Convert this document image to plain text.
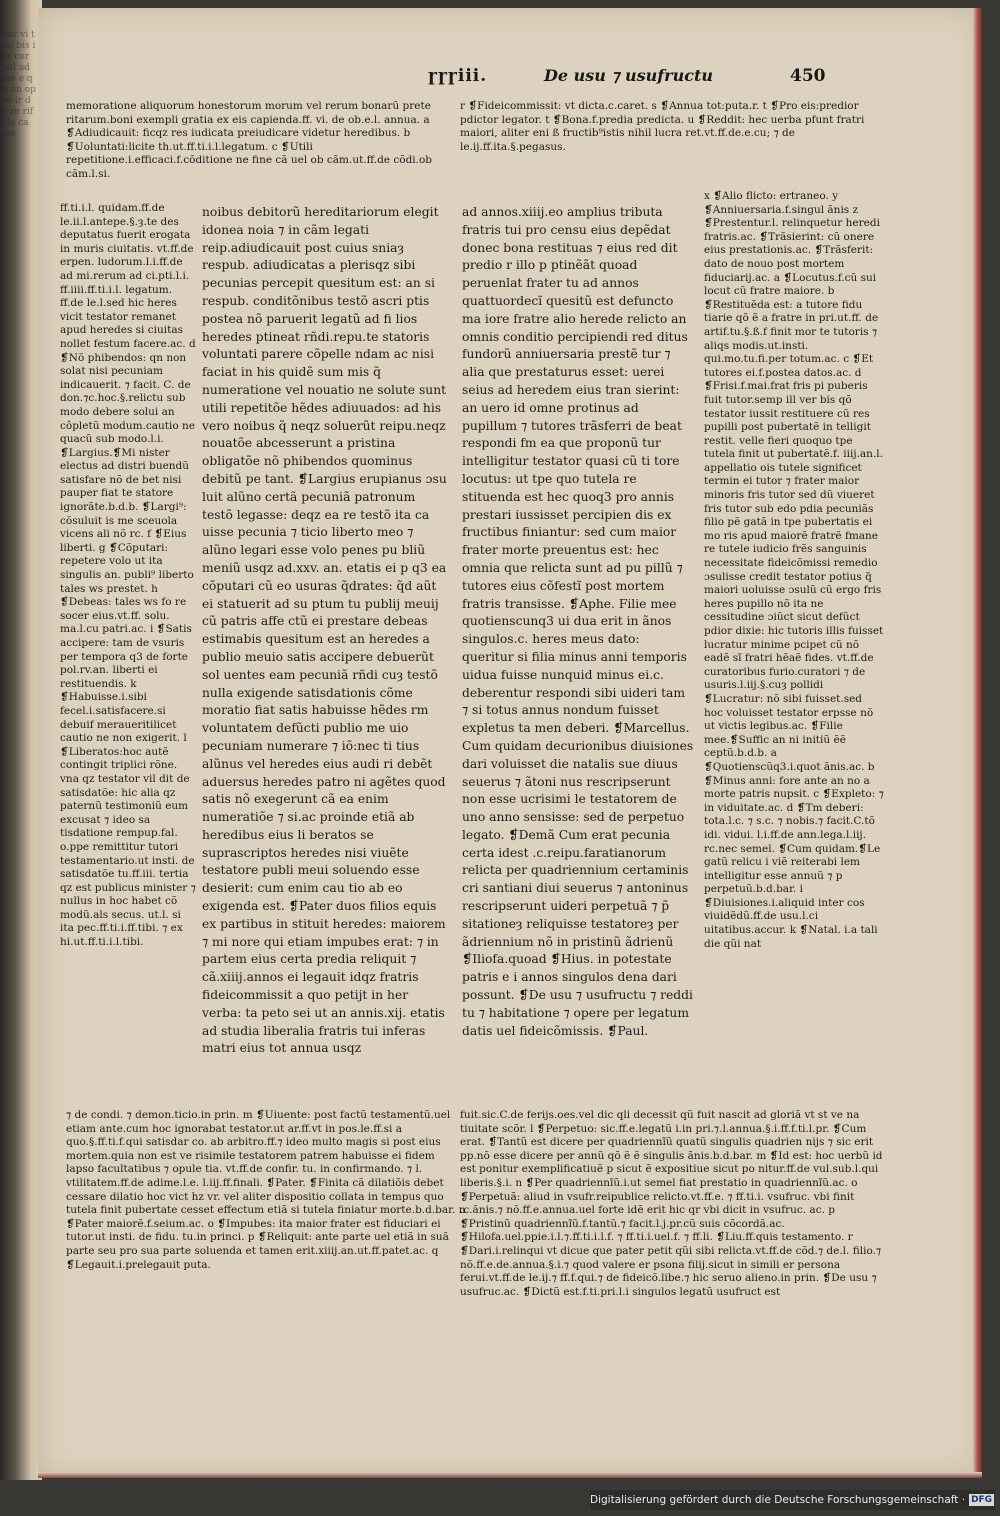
per vi tiui bis ier cer pal ad me e qu on op so ir de re rif cla ca me
ɼɼɼiii.	De usu ⁊ usufructu	450

memoratione aliquorum honestorum morum vel rerum bonarũ prete ritarum.boni exempli gratia ex eis capienda.ff. vi. de ob.e.l. annua. a ❡Adiudicauit: ficqz res iudicata preiudicare videtur heredibus. b ❡Uoluntati:licite th.ut.ff.ti.i.l.legatum. c ❡Utili repetitione.i.efficaci.f.cõditione ne fine cã uel ob cãm.ut.ff.de cõdi.ob cãm.l.si.

ff.ti.i.l. quidam.ff.de le.ii.l.antepe.§.ȝ.te des deputatus fuerit erogata in muris ciuitatis. vt.ff.de erpen. ludorum.l.i.ff.de ad mi.rerum ad ci.pti.l.i. ff.iiii.ff.ti.i.l. legatum. ff.de le.l.sed hic heres vicit testator remanet apud heredes si ciuitas nollet festum facere.ac. d ❡Nõ phibendos: qn non solat nisi pecuniam indicauerit. ⁊ facit. C. de don.⁊c.hoc.§.relictu sub modo debere solui an côpletũ modum.cautio ne quacũ sub modo.l.i. ❡Largius.❡Mi nister electus ad distri buendũ satisfare nõ de bet nisi pauper fiat te statore ignorãte.b.d.b. ❡Largi⁹: cõsuluit is me sceuola vicens ali nõ rc. f ❡Eius liberti. g ❡Cõputari: repetere volo ut ita singulis an. publi⁹ liberto tales ws prestet. h ❡Debeas: tales ws fo re socer eius.vt.ff. solu. ma.l.cu patri.ac. i ❡Satis accipere: tam de vsuris per tempora q3 de forte pol.rv.an. liberti ei restituendis. k ❡Habuisse.i.sibi fecel.i.satisfacere.si debuif meraueritilicet cautio ne non exigerit. l ❡Liberatos:hoc autẽ contingit triplici rõne. vna qz testator vil dit de satisdatõe: hic alia qz paternũ testimoniũ eum excusat ⁊ ideo sa tisdatione rempup.fal. o.ppe remittitur tutori testamentario.ut insti. de satisdatõe tu.ff.iii. tertia qz est publicus minister ⁊ nullus in hoc habet cõ modũ.als secus. ut.l. si ita pec.ff.ti.i.ff.tibi. ⁊ ex hi.ut.ff.ti.i.l.tibi.

noibus debitorũ hereditariorum elegit idonea noia ⁊ in cãm legati reip.adiudicauit post cuius sniaȝ respub. adiudicatas a plerisqz sibi pecunias percepit quesitum est: an si respub. conditõnibus testõ ascri ptis postea nõ paruerit legatũ ad fi lios heredes ptineat rñdi.repu.te statoris voluntati parere cõpelle ndam ac nisi faciat in his quidẽ sum mis q̃ numeratione vel nouatio ne solute sunt utili repetitõe hẽdes adiuuados: ad his vero noibus q̃ neqz soluerũt reipu.neqz nouatõe abcesserunt a pristina obligatõe nõ phibendos quominus debitũ pe tant. ❡Largius erupianus ɔsu luit alũno certã pecuniã patronum testõ legasse: deqz ea re testõ ita ca uisse pecunia ⁊ ticio liberto meo ⁊ alũno legari esse volo penes pu bliũ meniũ usqz ad.xxv. an. etatis ei p q3 ea cõputari cũ eo usuras q̃drates: q̃d aũt ei statuerit ad su ptum tu publij meuij cũ patris affe ctũ ei prestare debeas estimabis quesitum est an heredes a publio meuio satis accipere debuerũt sol uentes eam pecuniã rñdi cuȝ testõ nulla exigende satisdationis cõme moratio fiat satis habuisse hẽdes rm voluntatem defũcti publio me uio pecuniam numerare ⁊ iõ:nec ti tius alũnus vel heredes eius audi ri debẽt aduersus heredes patro ni agẽtes quod satis nõ exegerunt cã ea enim numeratiõe ⁊ si.ac proinde etiã ab heredibus eius li beratos se suprascriptos heredes nisi viuẽte testatore publi meui soluendo esse desierit: cum enim cau tio ab eo exigenda est. ❡Pater duos filios equis ex partibus in stituit heredes: maiorem ⁊ mi nore qui etiam impubes erat: ⁊ in partem eius certa predia reliquit ⁊ cã.xiiij.annos ei legauit idqz fratris fideicommissit a quo petijt in her verba: ta peto sei ut an annis.xij. etatis ad studia liberalia fratris tui inferas matri eius tot annua usqz

r ❡Fideicommissit: vt dicta.c.caret. s ❡Annua tot:puta.r. t ❡Pro eis:predior pdictor legator. t ❡Bona.f.predia predicta. u ❡Reddit: hec uerba pfunt fratri maiori, aliter eni ß fructib⁹istis nihil lucra ret.vt.ff.de.e.cu; ⁊ de le.ij.ff.ita.§.pegasus.

ad annos.xiiij.eo amplius tributa fratris tui pro censu eius depẽdat donec bona restituas ⁊ eius red dit predio r illo p ptinẽãt quoad peruenlat frater tu ad annos quattuordecĩ quesitũ est defuncto ma iore fratre alio herede relicto an omnis conditio percipiendi red ditus fundorũ anniuersaria prestẽ tur ⁊ alia que prestaturus esset: uerei seius ad heredem eius tran sierint: an uero id omne protinus ad pupillum ⁊ tutores trãsferri de beat respondi fm ea que proponũ tur intelligitur testator quasi cũ ti tore locutus: ut tpe quo tutela re stituenda est hec quoq3 pro annis prestari iussisset percipien dis ex fructibus finiantur: sed cum maior frater morte preuentus est: hec omnia que relicta sunt ad pu pillũ ⁊ tutores eius cõfestĩ post mortem fratris transisse. ❡Aphe. Filie mee quotienscunq3 ui dua erit in ãnos singulos.c. heres meus dato: queritur si filia minus anni temporis uidua fuisse nunquid minus ei.c. deberentur respondi sibi uideri tam ⁊ si totus annus nondum fuisset expletus ta men deberi. ❡Marcellus. Cum quidam decurionibus diuisiones dari voluisset die natalis sue diuus seuerus ⁊ ãtoni nus rescripserunt non esse ucrisimi le testatorem de uno anno sensisse: sed de perpetuo legato. ❡Demã Cum erat pecunia certa idest .c.reipu.faratianorum relicta per quadriennium certaminis cri santiani diui seuerus ⁊ antoninus rescripserunt uideri perpetuã ⁊ p̃ sitationeȝ reliquisse testatoreȝ per ãdriennium nõ in pristinũ ãdrienũ ❡Iliofa.quoad ❡Hius. in potestate patris e i annos singulos dena dari possunt. ❡De usu ⁊ usufructu ⁊ reddi tu ⁊ habitatione ⁊ opere per legatum datis uel fideicõmissis. ❡Paul.

x ❡Alio flicto: ertraneo. y ❡Anniuersaria.f.singul ãnis z ❡Prestentur.l. relinquetur heredi fratris.ac. ❡Trãsierint: cũ onere eius prestationis.ac. ❡Trãsferit: dato de nouo post mortem fiduciarij.ac. a ❡Locutus.f.cũ sui locut cũ fratre maiore. b ❡Restituẽda est: a tutore fidu tiarie qõ ẽ a fratre in pri.ut.ff. de artif.tu.§.ß.f finit mor te tutoris ⁊ aliqs modis.ut.insti. qui.mo.tu.fi.per totum.ac. c ❡Et tutores ei.f.postea datos.ac. d ❡Frisi.f.mai.frat fris pi puberis fuit tutor.semp ill ver bis qõ testator iussit restituere cũ res pupilli post pubertatẽ in telligit restit. velle fieri quoquo tpe tutela finit ut pubertatẽ.f. iiij.an.l. appellatio ois tutele significet termin ei tutor ⁊ frater maior minoris fris tutor sed dũ viueret fris tutor sub edo pdia pecuniãs filio pẽ gatã in tpe pubertatis ei mo ris apud maiorẽ fratrẽ fmane re tutele iudicio frẽs sanguinis necessitate fideicõmissi remedio ɔsulisse credit testator potius q̃ maiori uoluisse ɔsulũ cũ ergo fris heres pupillo nõ ita ne cessitudine ɔiũct sicut defũct pdior dixie: hic tutoris illis fuisset lucratur minime pcipet cũ nõ eadẽ sĩ fratri hẽaẽ fides. vt.ff.de curatoribus furio.curatori ⁊ de usuris.l.iij.§.cuȝ pollidi ❡Lucratur: nõ sibi fuisset.sed hoc voluisset testator erpsse nõ ut victis legibus.ac. ❡Filie mee.❡Suffic an ni initiũ ẽẽ ceptũ.b.d.b. a ❡Quotienscũq3.i.quot ãnis.ac. b ❡Minus anni: fore ante an no a morte patris nupsit. c ❡Expleto: ⁊ in viduitate.ac. d ❡Tm deberi: tota.l.c. ⁊ s.c. ⁊ nobis.⁊ facit.C.tõ idi. vidui. l.i.ff.de ann.lega.l.iij. rc.nec semel. ❡Cum quidam.❡Le gatũ relicu i viẽ reiterabi lem intelligitur esse annuũ ⁊ p perpetuũ.b.d.bar. i ❡Diuisiones.i.aliquid inter cos viuidẽdũ.ff.de usu.l.ci uitatibus.accur. k ❡Natal. i.a tali die qũi nat

⁊ de condi. ⁊ demon.ticio.in prin. m ❡Uiuente: post factũ testamentũ.uel etiam ante.cum hoc ignorabat testator.ut ar.ff.vt in pos.le.ff.si a quo.§.ff.ti.f.qui satisdar co. ab arbitro.ff.⁊ ideo multo magis si post eius mortem.quia non est ve risimile testatorem patrem habuisse ei fidem lapso facultatibus ⁊ opule tia. vt.ff.de confir. tu. in confirmando. ⁊ l. vtilitatem.ff.de adime.l.e. l.iij.ff.finali. ❡Pater. ❡Finita cã dilatiõis debet cessare dilatio hoc vict hz vr. vel aliter dispositio collata in tempus quo tutela finit pubertate cesset effectum etiã si tutela finiatur morte.b.d.bar. n ❡Pater maiorẽ.f.seium.ac. o ❡Impubes: ita maior frater est fiduciari ei tutor.ut insti. de fidu. tu.in princi. p ❡Reliquit: ante parte uel etiã in suã parte seu pro sua parte soluenda et tamen erit.xiiij.an.ut.ff.patet.ac. q ❡Legauit.i.prelegauit puta.

fuit.sic.C.de ferijs.oes.vel dic qli decessit qũ fuit nascit ad gloriã vt st ve na tiuitate scõr. l ❡Perpetuo: sic.ff.e.legatũ i.in pri.⁊.l.annua.§.i.ff.f.ti.l.pr. ❡Cum erat. ❡Tantũ est dicere per quadriennĩũ quatũ singulis quadrien nijs ⁊ sic erit pp.nõ esse dicere per annũ qõ ẽ ẽ singulis ãnis.b.d.bar. m ❡Id est: hoc uerbũ id est ponitur exemplificatiuẽ p sicut ẽ expositiue sicut po nitur.ff.de vul.sub.l.qui liberis.§.i. n ❡Per quadriennĩũ.i.ut semel fiat prestatio in quadriennĩũ.ac. o ❡Perpetuã: aliud in vsufr.reipublice relicto.vt.ff.e. ⁊ ff.ti.i. vsufruc. vbi finit .c.ãnis.⁊ nõ.ff.e.annua.uel forte idẽ erit hic qr vbi dicit in vsufruc. ac. p ❡Pristinũ quadriennĩũ.f.tantũ.⁊ facit.l.j.pr.cũ suis cõcordã.ac. ❡Hilofa.uel.ppie.i.l.⁊.ff.ti.i.l.f. ⁊ ff.ti.i.uel.f. ⁊ ff.li. ❡Liu.ff.quis testamento. r ❡Dari.i.relinqui vt dicue que pater petit qũi sibi relicta.vt.ff.de cõd.⁊ de.l. filio.⁊ nõ.ff.e.de.annua.§.i.⁊ quod valere er psona filij.sicut in simili er persona ferui.vt.ff.de le.ij.⁊ ff.f.qui.⁊ de fideicõ.libe.⁊ hic seruo alieno.in prin. ❡De usu ⁊ usufruc.ac. ❡Dictũ est.f.ti.pri.l.i singulos legatũ usufruct est

Digitalisierung gefördert durch die Deutsche Forschungsgemeinschaft · DFG
